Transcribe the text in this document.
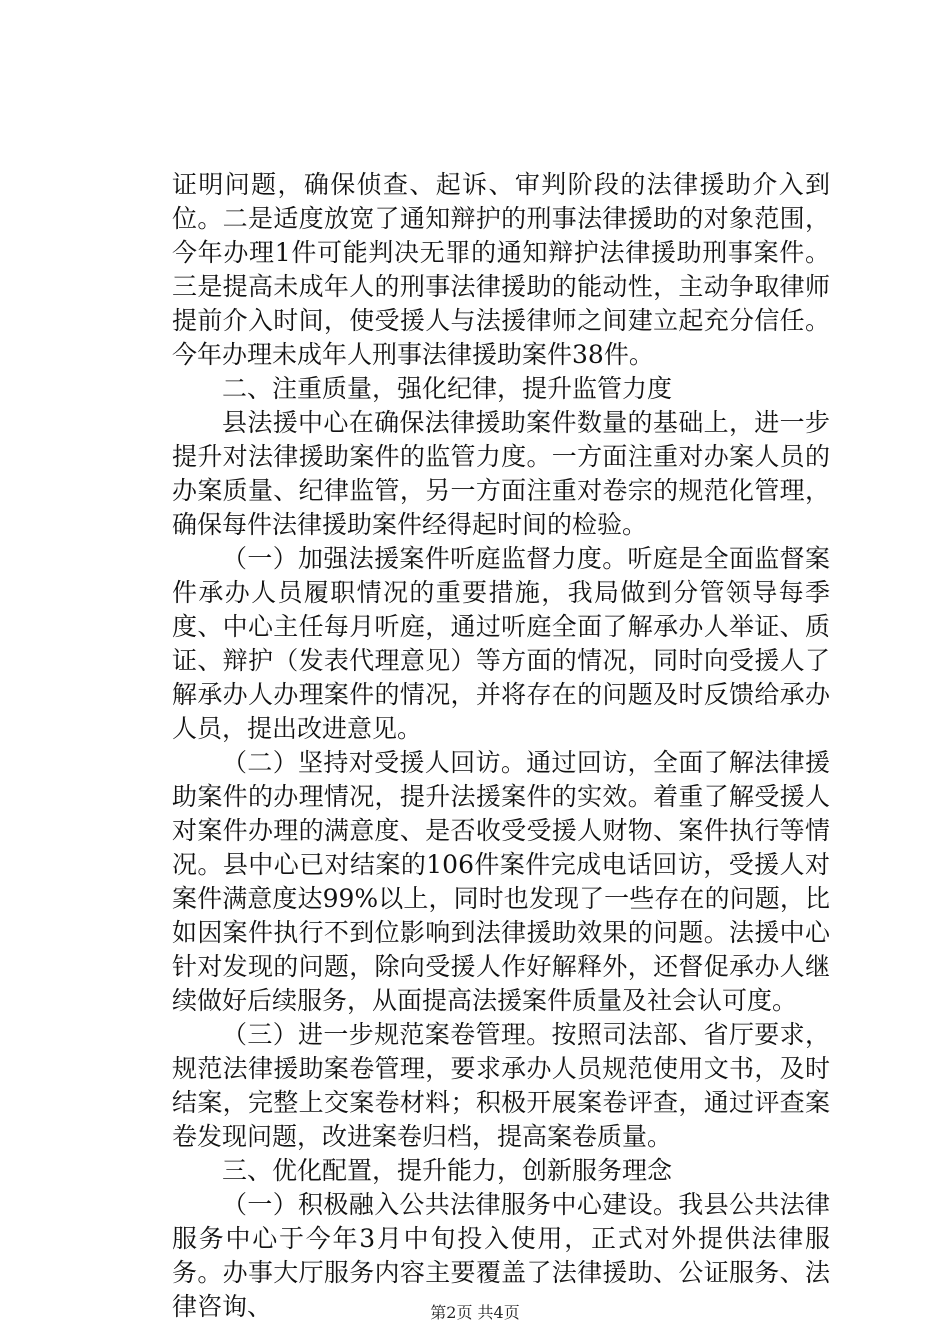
证明问题，确保侦查、起诉、审判阶段的法律援助介入到位。二是适度放宽了通知辩护的刑事法律援助的对象范围，今年办理1件可能判决无罪的通知辩护法律援助刑事案件。三是提高未成年人的刑事法律援助的能动性，主动争取律师提前介入时间，使受援人与法援律师之间建立起充分信任。今年办理未成年人刑事法律援助案件38件。

二、注重质量，强化纪律，提升监管力度

县法援中心在确保法律援助案件数量的基础上，进一步提升对法律援助案件的监管力度。一方面注重对办案人员的办案质量、纪律监管，另一方面注重对卷宗的规范化管理，确保每件法律援助案件经得起时间的检验。

（一）加强法援案件听庭监督力度。听庭是全面监督案件承办人员履职情况的重要措施，我局做到分管领导每季度、中心主任每月听庭，通过听庭全面了解承办人举证、质证、辩护（发表代理意见）等方面的情况，同时向受援人了解承办人办理案件的情况，并将存在的问题及时反馈给承办人员，提出改进意见。

（二）坚持对受援人回访。通过回访，全面了解法律援助案件的办理情况，提升法援案件的实效。着重了解受援人对案件办理的满意度、是否收受受援人财物、案件执行等情况。县中心已对结案的106件案件完成电话回访，受援人对案件满意度达99%以上，同时也发现了一些存在的问题，比如因案件执行不到位影响到法律援助效果的问题。法援中心针对发现的问题，除向受援人作好解释外，还督促承办人继续做好后续服务，从面提高法援案件质量及社会认可度。

（三）进一步规范案卷管理。按照司法部、省厅要求，规范法律援助案卷管理，要求承办人员规范使用文书，及时结案，完整上交案卷材料；积极开展案卷评查，通过评查案卷发现问题，改进案卷归档，提高案卷质量。

三、优化配置，提升能力，创新服务理念

（一）积极融入公共法律服务中心建设。我县公共法律服务中心于今年3月中旬投入使用，正式对外提供法律服务。办事大厅服务内容主要覆盖了法律援助、公证服务、法律咨询、	第2页 共4页
